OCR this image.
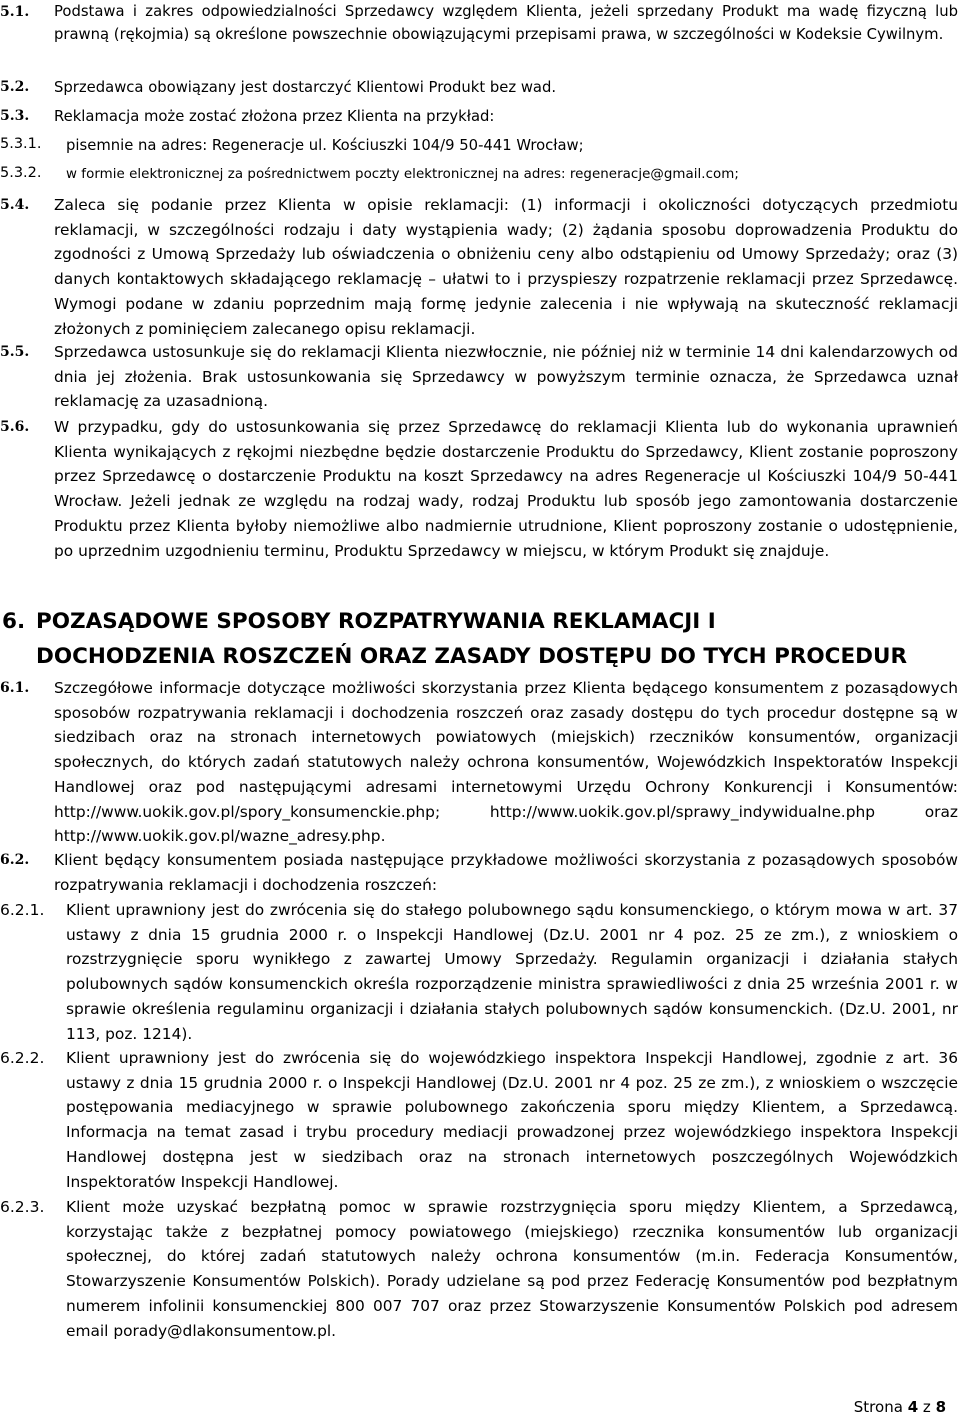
5.1. Podstawa i zakres odpowiedzialności Sprzedawcy względem Klienta, jeżeli sprzedany Produkt ma wadę fizyczną lub prawną (rękojmia) są określone powszechnie obowiązującymi przepisami prawa, w szczególności w Kodeksie Cywilnym.
5.2. Sprzedawca obowiązany jest dostarczyć Klientowi Produkt bez wad.
5.3. Reklamacja może zostać złożona przez Klienta na przykład:
5.3.1. pisemnie na adres: Regeneracje ul. Kościuszki 104/9 50-441 Wrocław;
5.3.2. w formie elektronicznej za pośrednictwem poczty elektronicznej na adres: regeneracje@gmail.com;
5.4. Zaleca się podanie przez Klienta w opisie reklamacji: (1) informacji i okoliczności dotyczących przedmiotu reklamacji, w szczególności rodzaju i daty wystąpienia wady; (2) żądania sposobu doprowadzenia Produktu do zgodności z Umową Sprzedaży lub oświadczenia o obniżeniu ceny albo odstąpieniu od Umowy Sprzedaży; oraz (3) danych kontaktowych składającego reklamację – ułatwi to i przyspieszy rozpatrzenie reklamacji przez Sprzedawcę. Wymogi podane w zdaniu poprzednim mają formę jedynie zalecenia i nie wpływają na skuteczność reklamacji złożonych z pominięciem zalecanego opisu reklamacji.
5.5. Sprzedawca ustosunkuje się do reklamacji Klienta niezwłocznie, nie później niż w terminie 14 dni kalendarzowych od dnia jej złożenia. Brak ustosunkowania się Sprzedawcy w powyższym terminie oznacza, że Sprzedawca uznał reklamację za uzasadnioną.
5.6. W przypadku, gdy do ustosunkowania się przez Sprzedawcę do reklamacji Klienta lub do wykonania uprawnień Klienta wynikających z rękojmi niezbędne będzie dostarczenie Produktu do Sprzedawcy, Klient zostanie poproszony przez Sprzedawcę o dostarczenie Produktu na koszt Sprzedawcy na adres Regeneracje ul Kościuszki 104/9 50-441 Wrocław. Jeżeli jednak ze względu na rodzaj wady, rodzaj Produktu lub sposób jego zamontowania dostarczenie Produktu przez Klienta byłoby niemożliwe albo nadmiernie utrudnione, Klient poproszony zostanie o udostępnienie, po uprzednim uzgodnieniu terminu, Produktu Sprzedawcy w miejscu, w którym Produkt się znajduje.
6. POZASĄDOWE SPOSOBY ROZPATRYWANIA REKLAMACJI I
DOCHODZENIA ROSZCZEŃ ORAZ ZASADY DOSTĘPU DO TYCH PROCEDUR
6.1. Szczegółowe informacje dotyczące możliwości skorzystania przez Klienta będącego konsumentem z pozasądowych sposobów rozpatrywania reklamacji i dochodzenia roszczeń oraz zasady dostępu do tych procedur dostępne są w siedzibach oraz na stronach internetowych powiatowych (miejskich) rzeczników konsumentów, organizacji społecznych, do których zadań statutowych należy ochrona konsumentów, Wojewódzkich Inspektoratów Inspekcji Handlowej oraz pod następującymi adresami internetowymi Urzędu Ochrony Konkurencji i Konsumentów: http://www.uokik.gov.pl/spory_konsumenckie.php; http://www.uokik.gov.pl/sprawy_indywidualne.php oraz http://www.uokik.gov.pl/wazne_adresy.php.
6.2. Klient będący konsumentem posiada następujące przykładowe możliwości skorzystania z pozasądowych sposobów rozpatrywania reklamacji i dochodzenia roszczeń:
6.2.1. Klient uprawniony jest do zwrócenia się do stałego polubownego sądu konsumenckiego, o którym mowa w art. 37 ustawy z dnia 15 grudnia 2000 r. o Inspekcji Handlowej (Dz.U. 2001 nr 4 poz. 25 ze zm.), z wnioskiem o rozstrzygnięcie sporu wynikłego z zawartej Umowy Sprzedaży. Regulamin organizacji i działania stałych polubownych sądów konsumenckich określa rozporządzenie ministra sprawiedliwości z dnia 25 września 2001 r. w sprawie określenia regulaminu organizacji i działania stałych polubownych sądów konsumenckich. (Dz.U. 2001, nr 113, poz. 1214).
6.2.2. Klient uprawniony jest do zwrócenia się do wojewódzkiego inspektora Inspekcji Handlowej, zgodnie z art. 36 ustawy z dnia 15 grudnia 2000 r. o Inspekcji Handlowej (Dz.U. 2001 nr 4 poz. 25 ze zm.), z wnioskiem o wszczęcie postępowania mediacyjnego w sprawie polubownego zakończenia sporu między Klientem, a Sprzedawcą. Informacja na temat zasad i trybu procedury mediacji prowadzonej przez wojewódzkiego inspektora Inspekcji Handlowej dostępna jest w siedzibach oraz na stronach internetowych poszczególnych Wojewódzkich Inspektoratów Inspekcji Handlowej.
6.2.3. Klient może uzyskać bezpłatną pomoc w sprawie rozstrzygnięcia sporu między Klientem, a Sprzedawcą, korzystając także z bezpłatnej pomocy powiatowego (miejskiego) rzecznika konsumentów lub organizacji społecznej, do której zadań statutowych należy ochrona konsumentów (m.in. Federacja Konsumentów, Stowarzyszenie Konsumentów Polskich). Porady udzielane są pod przez Federację Konsumentów pod bezpłatnym numerem infolinii konsumenckiej 800 007 707 oraz przez Stowarzyszenie Konsumentów Polskich pod adresem email porady@dlakonsumentow.pl.
Strona 4 z 8
